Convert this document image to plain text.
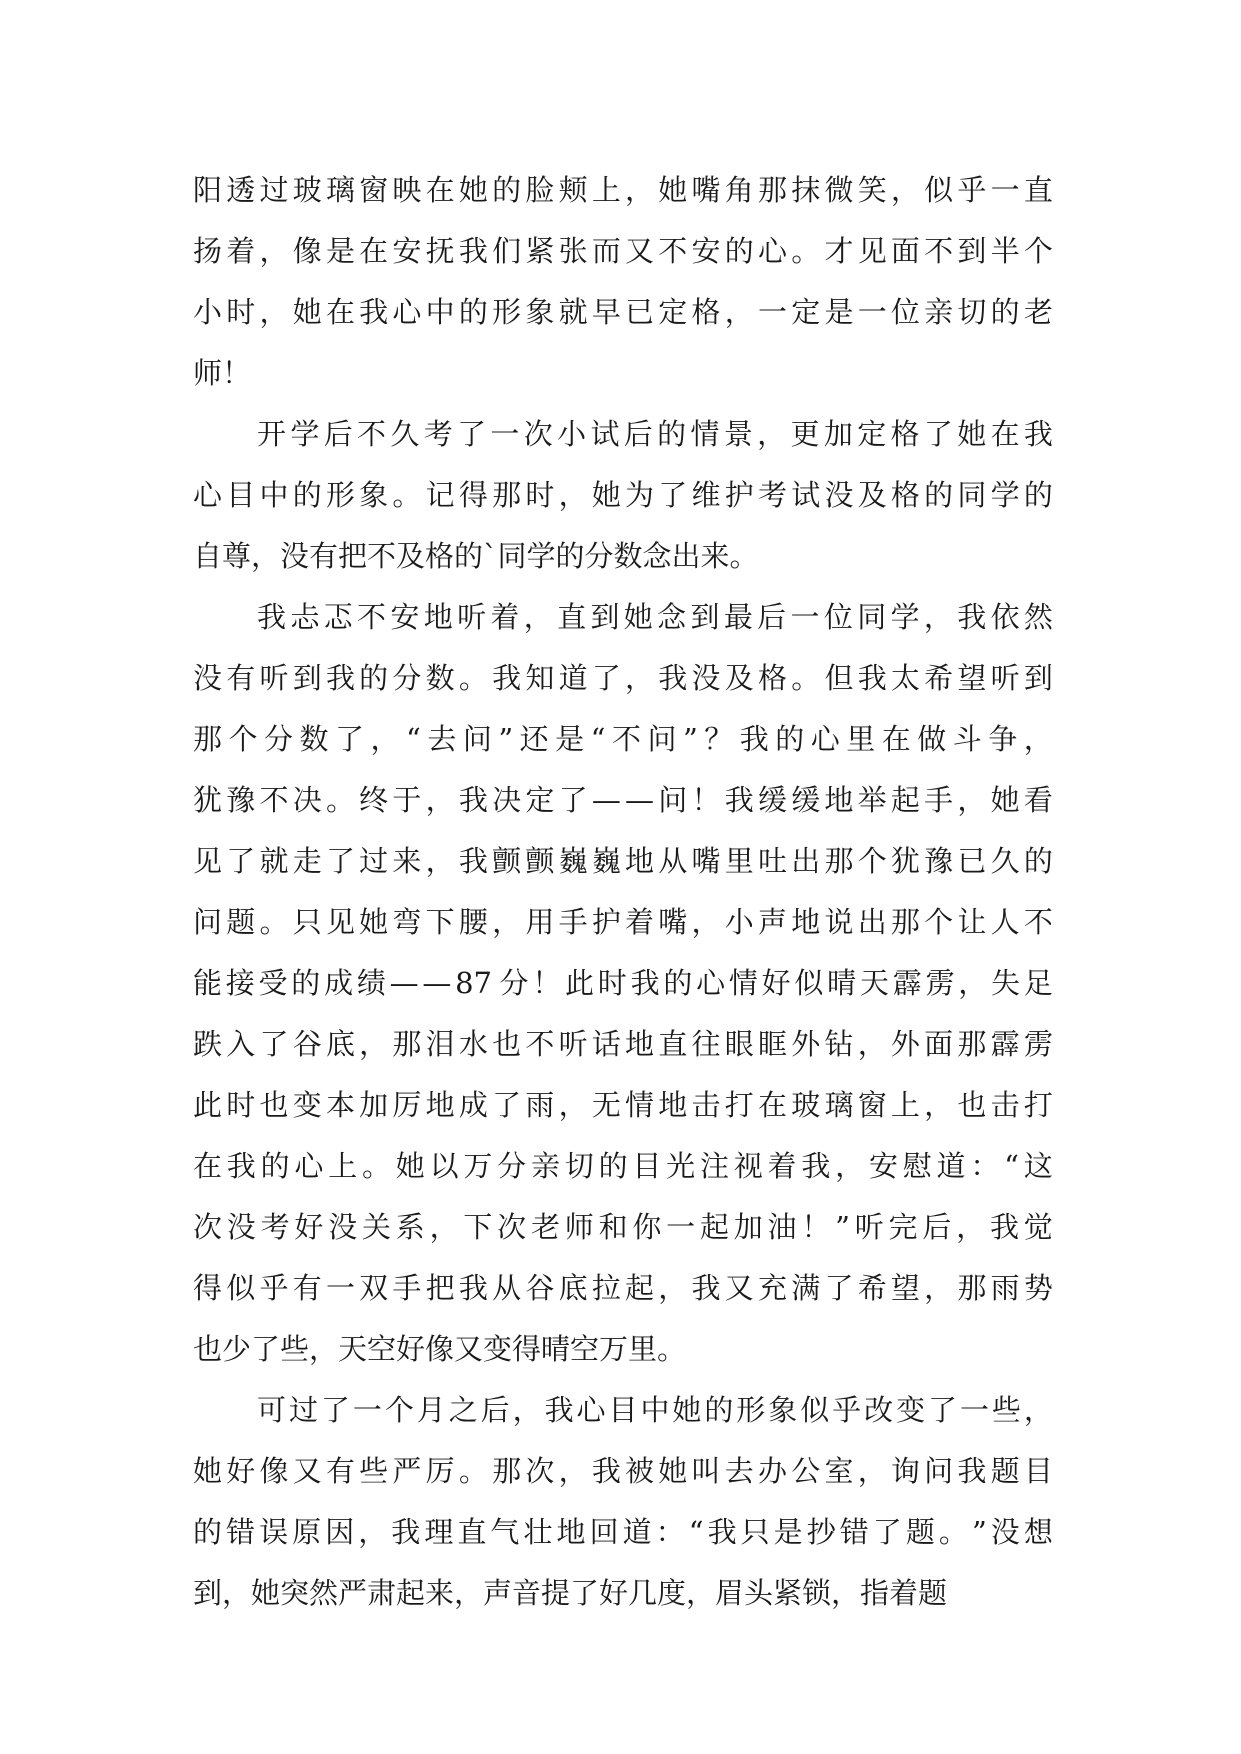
阳 透 过 玻 璃 窗 映 在 她 的 脸 颊 上 ， 她 嘴 角 那 抹 微 笑 ， 似 乎 一 直
扬 着 ， 像 是 在 安 抚 我 们 紧 张 而 又 不 安 的 心 。 才 见 面 不 到 半 个
小 时 ， 她 在 我 心 中 的 形 象 就 早 已 定 格 ， 一 定 是 一 位 亲 切 的 老
师！
开 学 后 不 久 考 了 一 次 小 试 后 的 情 景 ， 更 加 定 格 了 她 在 我
心 目 中 的 形 象 。 记 得 那 时 ， 她 为 了 维 护 考 试 没 及 格 的 同 学 的
自尊，没有把不及格的`同学的分数念出来。
我 忐 忑 不 安 地 听 着 ， 直 到 她 念 到 最 后 一 位 同 学 ， 我 依 然
没 有 听 到 我 的 分 数 。 我 知 道 了 ， 我 没 及 格 。 但 我 太 希 望 听 到
那 个 分 数 了 ， “ 去 问 ” 还 是 “ 不 问 ” ？ 我 的 心 里 在 做 斗 争 ，
犹 豫 不 决 。 终 于 ， 我 决 定 了 — — 问 ！ 我 缓 缓 地 举 起 手 ， 她 看
见 了 就 走 了 过 来 ， 我 颤 颤 巍 巍 地 从 嘴 里 吐 出 那 个 犹 豫 已 久 的
问 题 。 只 见 她 弯 下 腰 ， 用 手 护 着 嘴 ， 小 声 地 说 出 那 个 让 人 不
能 接 受 的 成 绩 — — 87 分 ！ 此 时 我 的 心 情 好 似 晴 天 霹 雳 ， 失 足
跌 入 了 谷 底 ， 那 泪 水 也 不 听 话 地 直 往 眼 眶 外 钻 ， 外 面 那 霹 雳
此 时 也 变 本 加 厉 地 成 了 雨 ， 无 情 地 击 打 在 玻 璃 窗 上 ， 也 击 打
在 我 的 心 上 。 她 以 万 分 亲 切 的 目 光 注 视 着 我 ， 安 慰 道 ： “ 这
次 没 考 好 没 关 系 ， 下 次 老 师 和 你 一 起 加 油 ！ ” 听 完 后 ， 我 觉
得 似 乎 有 一 双 手 把 我 从 谷 底 拉 起 ， 我 又 充 满 了 希 望 ， 那 雨 势
也少了些，天空好像又变得晴空万里。
可 过 了 一 个 月 之 后 ， 我 心 目 中 她 的 形 象 似 乎 改 变 了 一 些 ，
她 好 像 又 有 些 严 厉 。 那 次 ， 我 被 她 叫 去 办 公 室 ， 询 问 我 题 目
的 错 误 原 因 ， 我 理 直 气 壮 地 回 道 ： “ 我 只 是 抄 错 了 题 。 ” 没 想
到，她突然严肃起来，声音提了好几度，眉头紧锁，指着题
